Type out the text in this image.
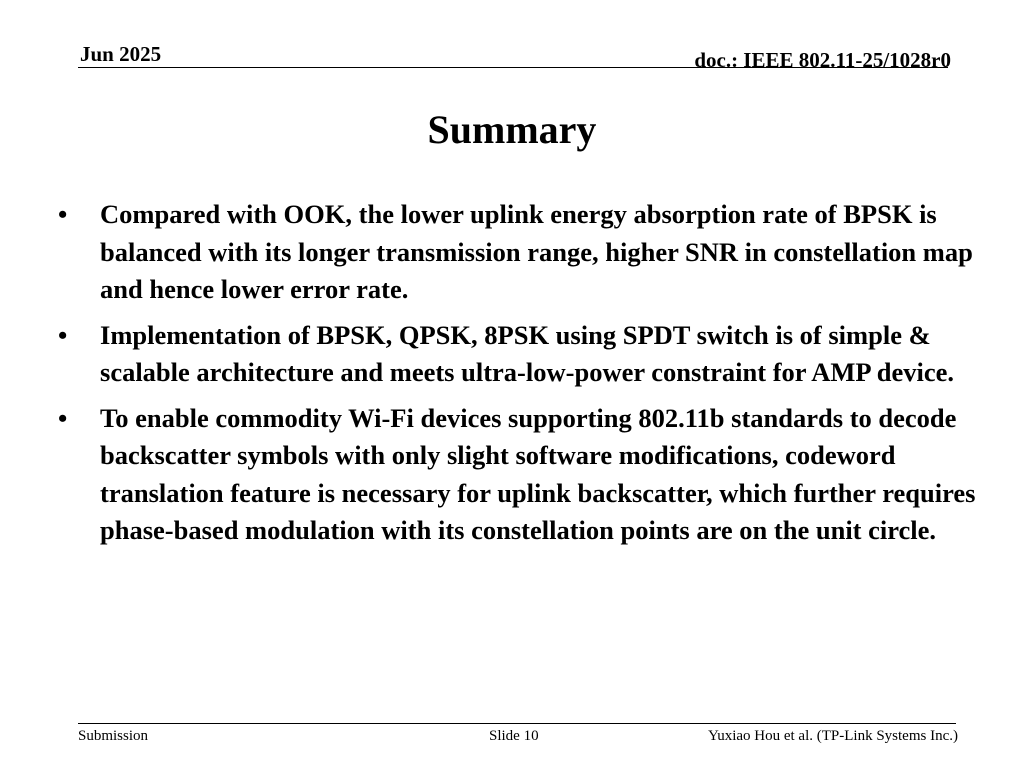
Jun 2025	doc.: IEEE 802.11-25/1028r0
Summary
•	Compared with OOK, the lower uplink energy absorption rate of BPSK is balanced with its longer transmission range, higher SNR in constellation map and hence lower error rate.
•	Implementation of BPSK, QPSK, 8PSK using SPDT switch is of simple & scalable architecture and meets ultra-low-power constraint for AMP device.
•	To enable commodity Wi-Fi devices supporting 802.11b standards to decode backscatter symbols with only slight software modifications, codeword translation feature is necessary for uplink backscatter, which further requires phase-based modulation with its constellation points are on the unit circle.
Submission	Slide 10	Yuxiao Hou et al. (TP-Link Systems Inc.)
